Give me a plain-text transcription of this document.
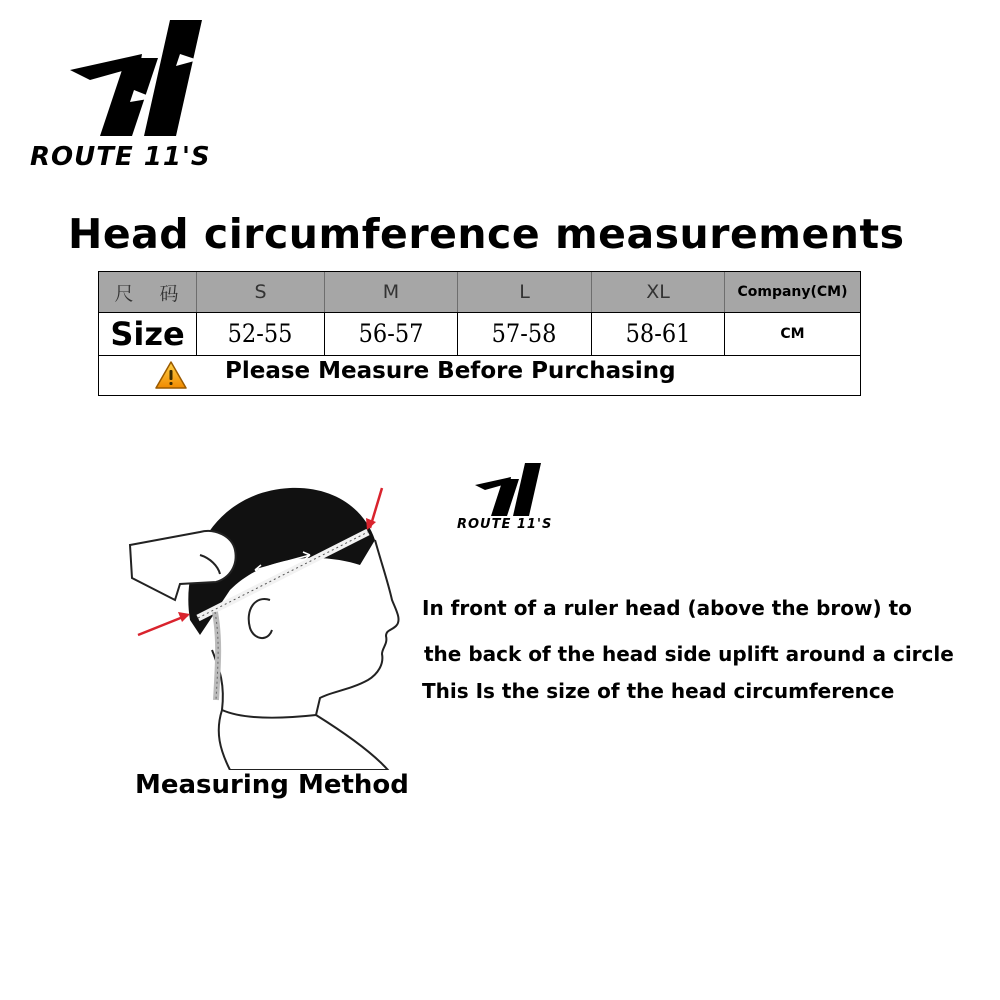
ROUTE 11'S
Head circumference measurements
尺 码	S	M	L	XL	Company(CM)
Size	52-55	56-57	57-58	58-61	CM
Please Measure Before Purchasing
ROUTE 11'S
Measuring Method
In front of a ruler head (above the brow) to
the back of the head side uplift around a circle
This Is the size of the head circumference
